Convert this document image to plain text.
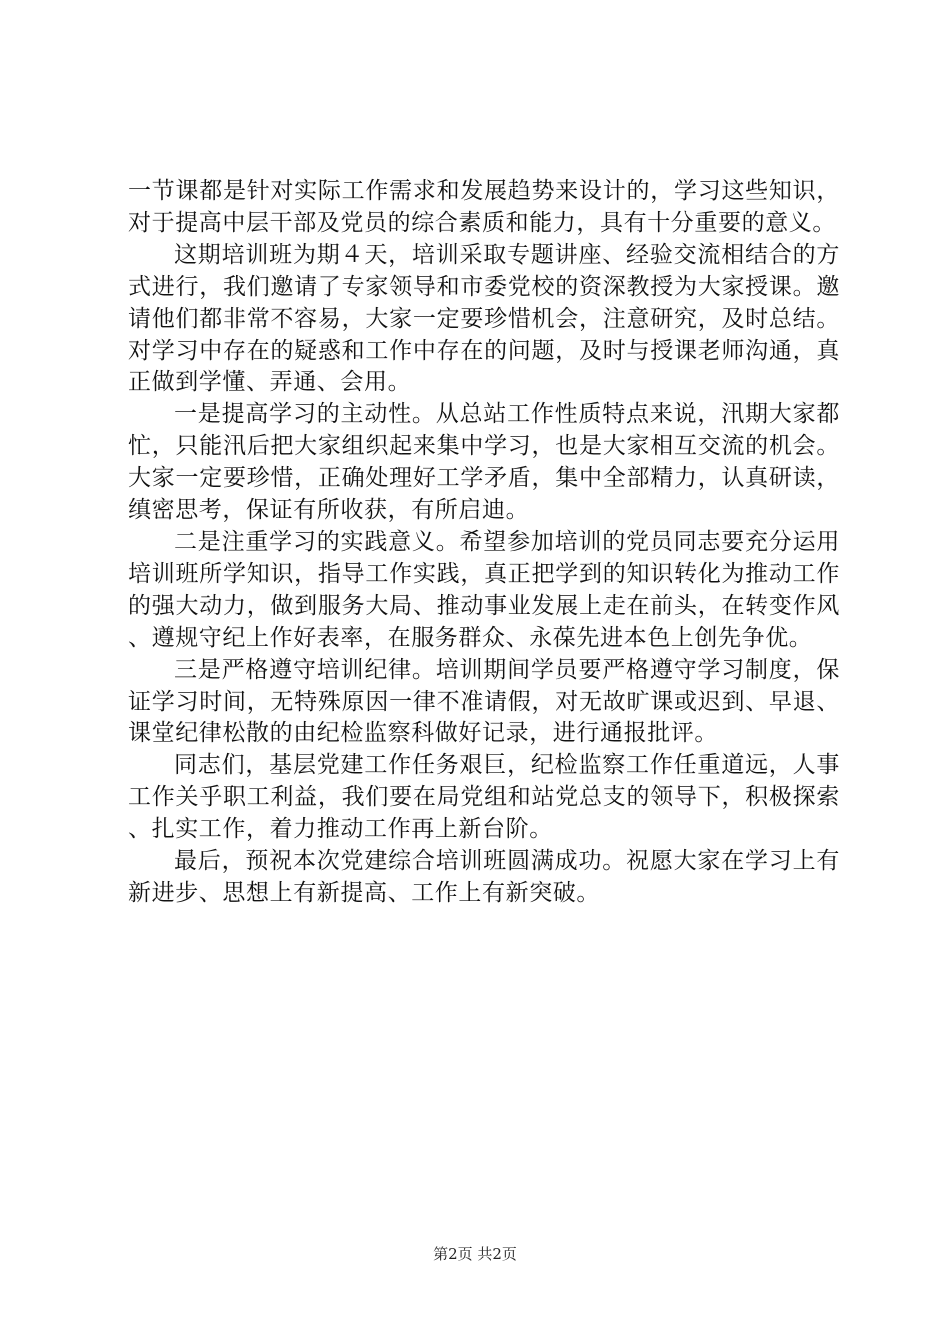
一节课都是针对实际工作需求和发展趋势来设计的，学习这些知识，对于提高中层干部及党员的综合素质和能力，具有十分重要的意义。

这期培训班为期４天，培训采取专题讲座、经验交流相结合的方式进行，我们邀请了专家领导和市委党校的资深教授为大家授课。邀请他们都非常不容易，大家一定要珍惜机会，注意研究，及时总结。对学习中存在的疑惑和工作中存在的问题，及时与授课老师沟通，真正做到学懂、弄通、会用。

一是提高学习的主动性。从总站工作性质特点来说，汛期大家都忙，只能汛后把大家组织起来集中学习，也是大家相互交流的机会。大家一定要珍惜，正确处理好工学矛盾，集中全部精力，认真研读，缜密思考，保证有所收获，有所启迪。

二是注重学习的实践意义。希望参加培训的党员同志要充分运用培训班所学知识，指导工作实践，真正把学到的知识转化为推动工作的强大动力，做到服务大局、推动事业发展上走在前头，在转变作风、遵规守纪上作好表率，在服务群众、永葆先进本色上创先争优。

三是严格遵守培训纪律。培训期间学员要严格遵守学习制度，保证学习时间，无特殊原因一律不准请假，对无故旷课或迟到、早退、课堂纪律松散的由纪检监察科做好记录，进行通报批评。

同志们，基层党建工作任务艰巨，纪检监察工作任重道远，人事工作关乎职工利益，我们要在局党组和站党总支的领导下，积极探索、扎实工作，着力推动工作再上新台阶。

最后，预祝本次党建综合培训班圆满成功。祝愿大家在学习上有新进步、思想上有新提高、工作上有新突破。

第2页 共2页
